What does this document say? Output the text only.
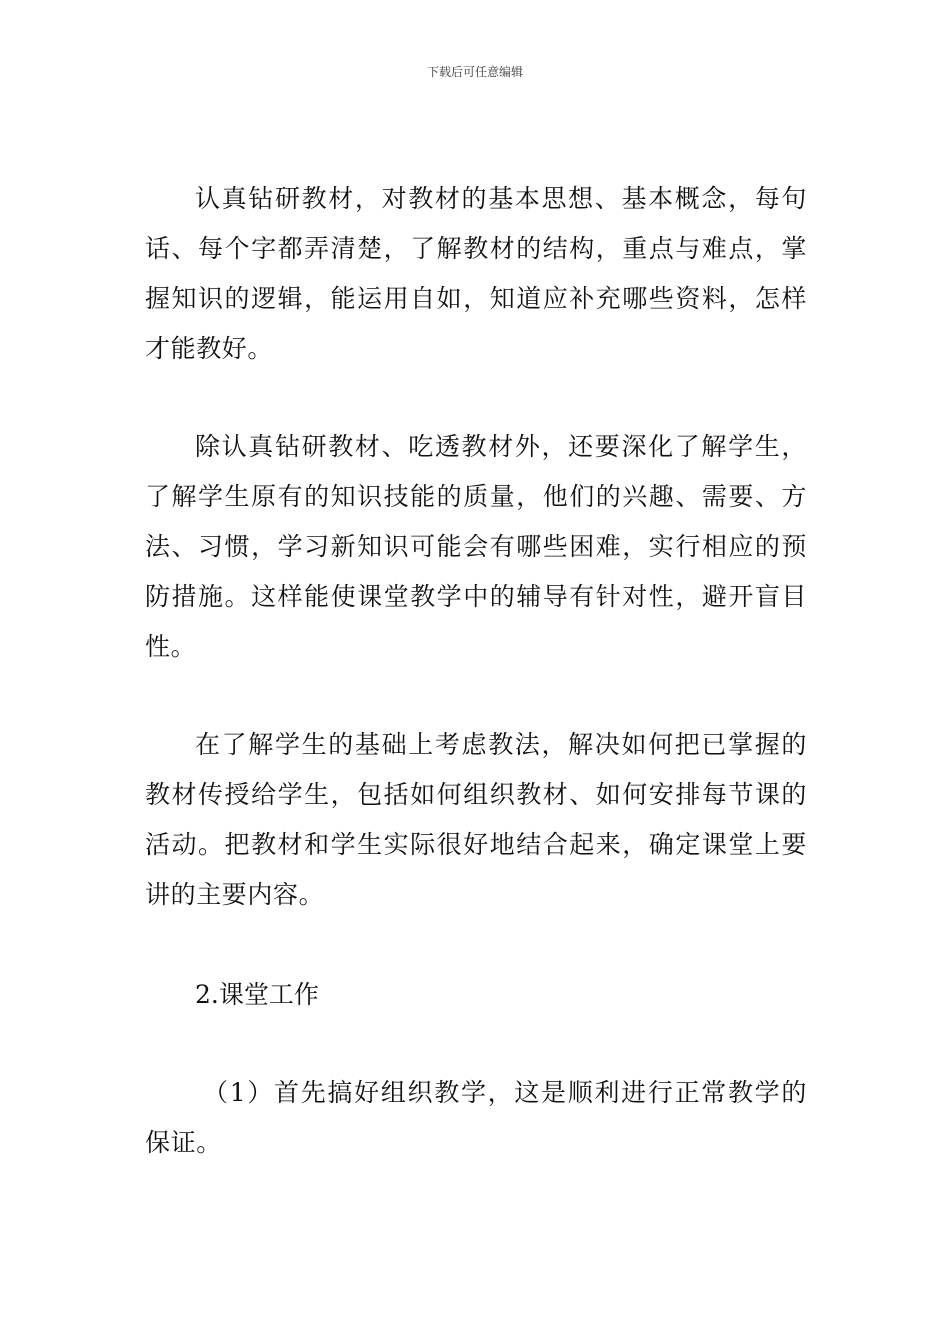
下载后可任意编辑

认真钻研教材，对教材的基本思想、基本概念，每句话、每个字都弄清楚，了解教材的结构，重点与难点，掌握知识的逻辑，能运用自如，知道应补充哪些资料，怎样才能教好。

除认真钻研教材、吃透教材外，还要深化了解学生，了解学生原有的知识技能的质量，他们的兴趣、需要、方法、习惯，学习新知识可能会有哪些困难，实行相应的预防措施。这样能使课堂教学中的辅导有针对性，避开盲目性。

在了解学生的基础上考虑教法，解决如何把已掌握的教材传授给学生，包括如何组织教材、如何安排每节课的活动。把教材和学生实际很好地结合起来，确定课堂上要讲的主要内容。

2.课堂工作

（1）首先搞好组织教学，这是顺利进行正常教学的保证。
